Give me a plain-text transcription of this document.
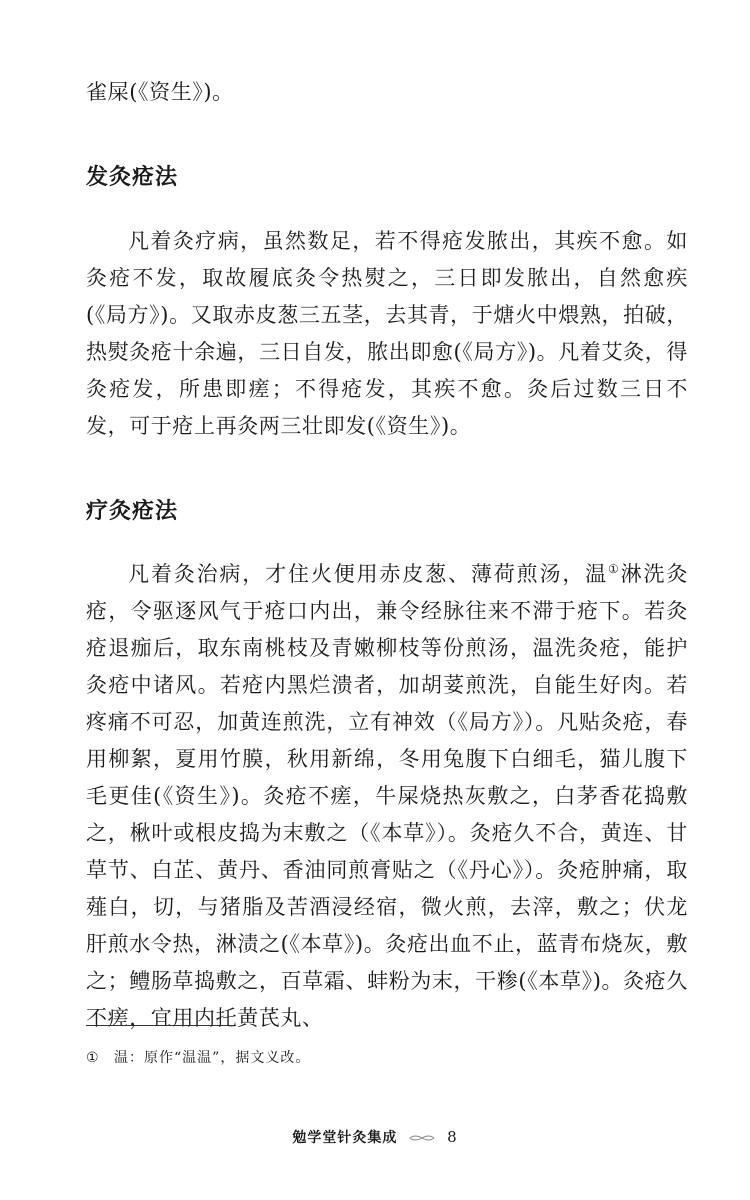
雀屎(《资生》)。

发灸疮法

凡着灸疗病，虽然数足，若不得疮发脓出，其疾不愈。如灸疮不发，取故履底灸令热熨之，三日即发脓出，自然愈疾(《局方》)。又取赤皮葱三五茎，去其青，于煻火中煨熟，拍破，热熨灸疮十余遍，三日自发，脓出即愈(《局方》)。凡着艾灸，得灸疮发，所患即瘥；不得疮发，其疾不愈。灸后过数三日不发，可于疮上再灸两三壮即发(《资生》)。

疗灸疮法

凡着灸治病，才住火便用赤皮葱、薄荷煎汤，温①淋洗灸疮，令驱逐风气于疮口内出，兼令经脉往来不滞于疮下。若灸疮退痂后，取东南桃枝及青嫩柳枝等份煎汤，温洗灸疮，能护灸疮中诸风。若疮内黑烂溃者，加胡荽煎洗，自能生好肉。若疼痛不可忍，加黄连煎洗，立有神效（《局方》）。凡贴灸疮，春用柳絮，夏用竹膜，秋用新绵，冬用兔腹下白细毛，猫儿腹下毛更佳(《资生》)。灸疮不瘥，牛屎烧热灰敷之，白茅香花捣敷之，楸叶或根皮捣为末敷之（《本草》）。灸疮久不合，黄连、甘草节、白芷、黄丹、香油同煎膏贴之（《丹心》）。灸疮肿痛，取薤白，切，与猪脂及苦酒浸经宿，微火煎，去滓，敷之；伏龙肝煎水令热，淋渍之(《本草》)。灸疮出血不止，蓝青布烧灰，敷之；鳢肠草捣敷之，百草霜、蚌粉为末，干糁(《本草》)。灸疮久不瘥，宜用内托黄芪丸、

① 温：原作“温温”，据文义改。

勉学堂针灸集成	8
